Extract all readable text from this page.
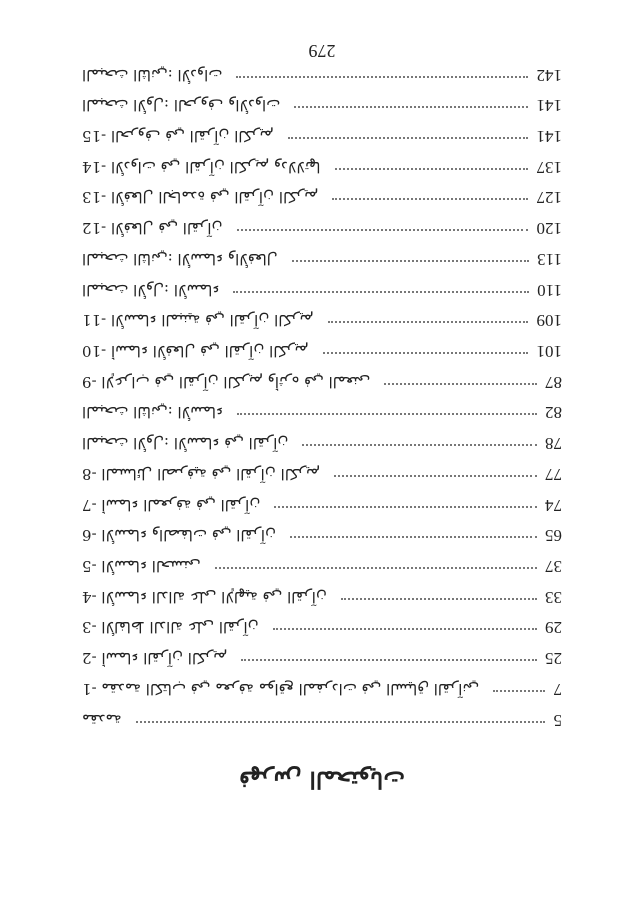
فهرس المحتويات
مقدمة	5
1- مقدمة الكتاب في معرفة مواقع المفردات في السياق القرآني	7
2- أسماء القرآن الكريم	25
3- الألفاظ الدالة على القرآن	29
4- الأسماء الدالة على الإلهية في القرآن	33
5- الأسماء الحسنى	37
6- الأسماء والصفات في القرآن	65
7- أسماء المعرفة في القرآن	74
8- المسائل الصرفية في القرآن الكريم	77
المبحث الأول: الأسماء في القرآن	78
المبحث الثاني: الأسماء	82
9- الإعراب في القرآن الكريم وأثره في المعنى	87
10- أسماء الأفعال في القرآن الكريم	101
11- الأسماء المبنية في القرآن الكريم	109
المبحث الأول: الأسماء	110
المبحث الثاني: الأسماء والأفعال	113
12- الأفعال في القرآن	120
13- الأفعال الجامدة في القرآن الكريم	127
14- الأدوات في القرآن الكريم ودلالاتها	137
15- الحروف في القرآن الكريم	141
المبحث الأول: الحروف والأدوات	141
المبحث الثاني: الأدوات	142
279
